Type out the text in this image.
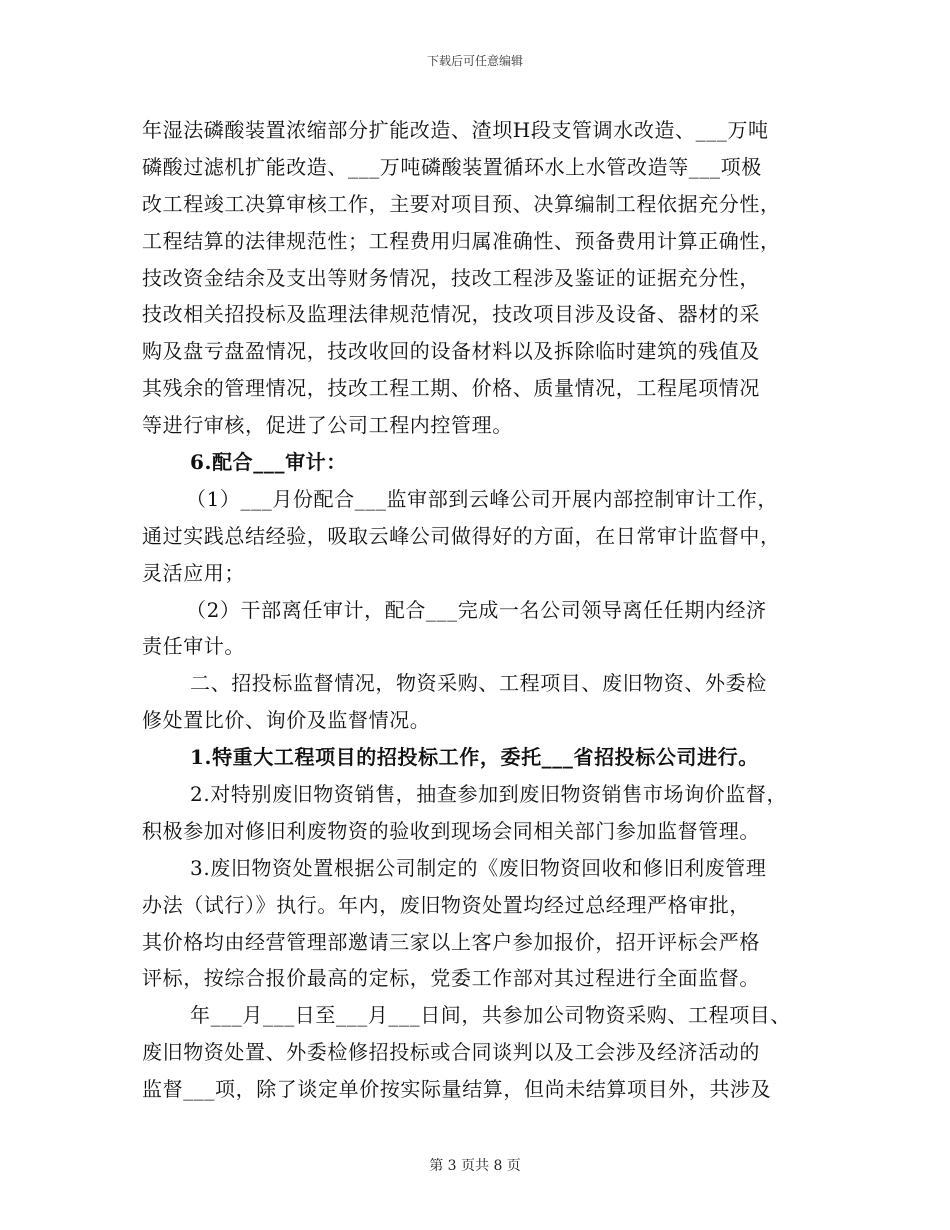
下载后可任意编辑
年湿法磷酸装置浓缩部分扩能改造、渣坝H段支管调水改造、___万吨
磷酸过滤机扩能改造、___万吨磷酸装置循环水上水管改造等___项极
改工程竣工决算审核工作，主要对项目预、决算编制工程依据充分性，
工程结算的法律规范性；工程费用归属准确性、预备费用计算正确性，
技改资金结余及支出等财务情况，技改工程涉及鉴证的证据充分性，
技改相关招投标及监理法律规范情况，技改项目涉及设备、器材的采
购及盘亏盘盈情况，技改收回的设备材料以及拆除临时建筑的残值及
其残余的管理情况，技改工程工期、价格、质量情况，工程尾项情况
等进行审核，促进了公司工程内控管理。
6.配合___审计：
（1）___月份配合___监审部到云峰公司开展内部控制审计工作，
通过实践总结经验，吸取云峰公司做得好的方面，在日常审计监督中，
灵活应用；
（2）干部离任审计，配合___完成一名公司领导离任任期内经济
责任审计。
二、招投标监督情况，物资采购、工程项目、废旧物资、外委检
修处置比价、询价及监督情况。
1.特重大工程项目的招投标工作，委托___省招投标公司进行。
2.对特别废旧物资销售，抽查参加到废旧物资销售市场询价监督，
积极参加对修旧利废物资的验收到现场会同相关部门参加监督管理。
3.废旧物资处置根据公司制定的《废旧物资回收和修旧利废管理
办法（试行）》执行。年内，废旧物资处置均经过总经理严格审批，
其价格均由经营管理部邀请三家以上客户参加报价，招开评标会严格
评标，按综合报价最高的定标，党委工作部对其过程进行全面监督。
年___月___日至___月___日间，共参加公司物资采购、工程项目、
废旧物资处置、外委检修招投标或合同谈判以及工会涉及经济活动的
监督___项，除了谈定单价按实际量结算，但尚未结算项目外，共涉及
第 3 页共 8 页
